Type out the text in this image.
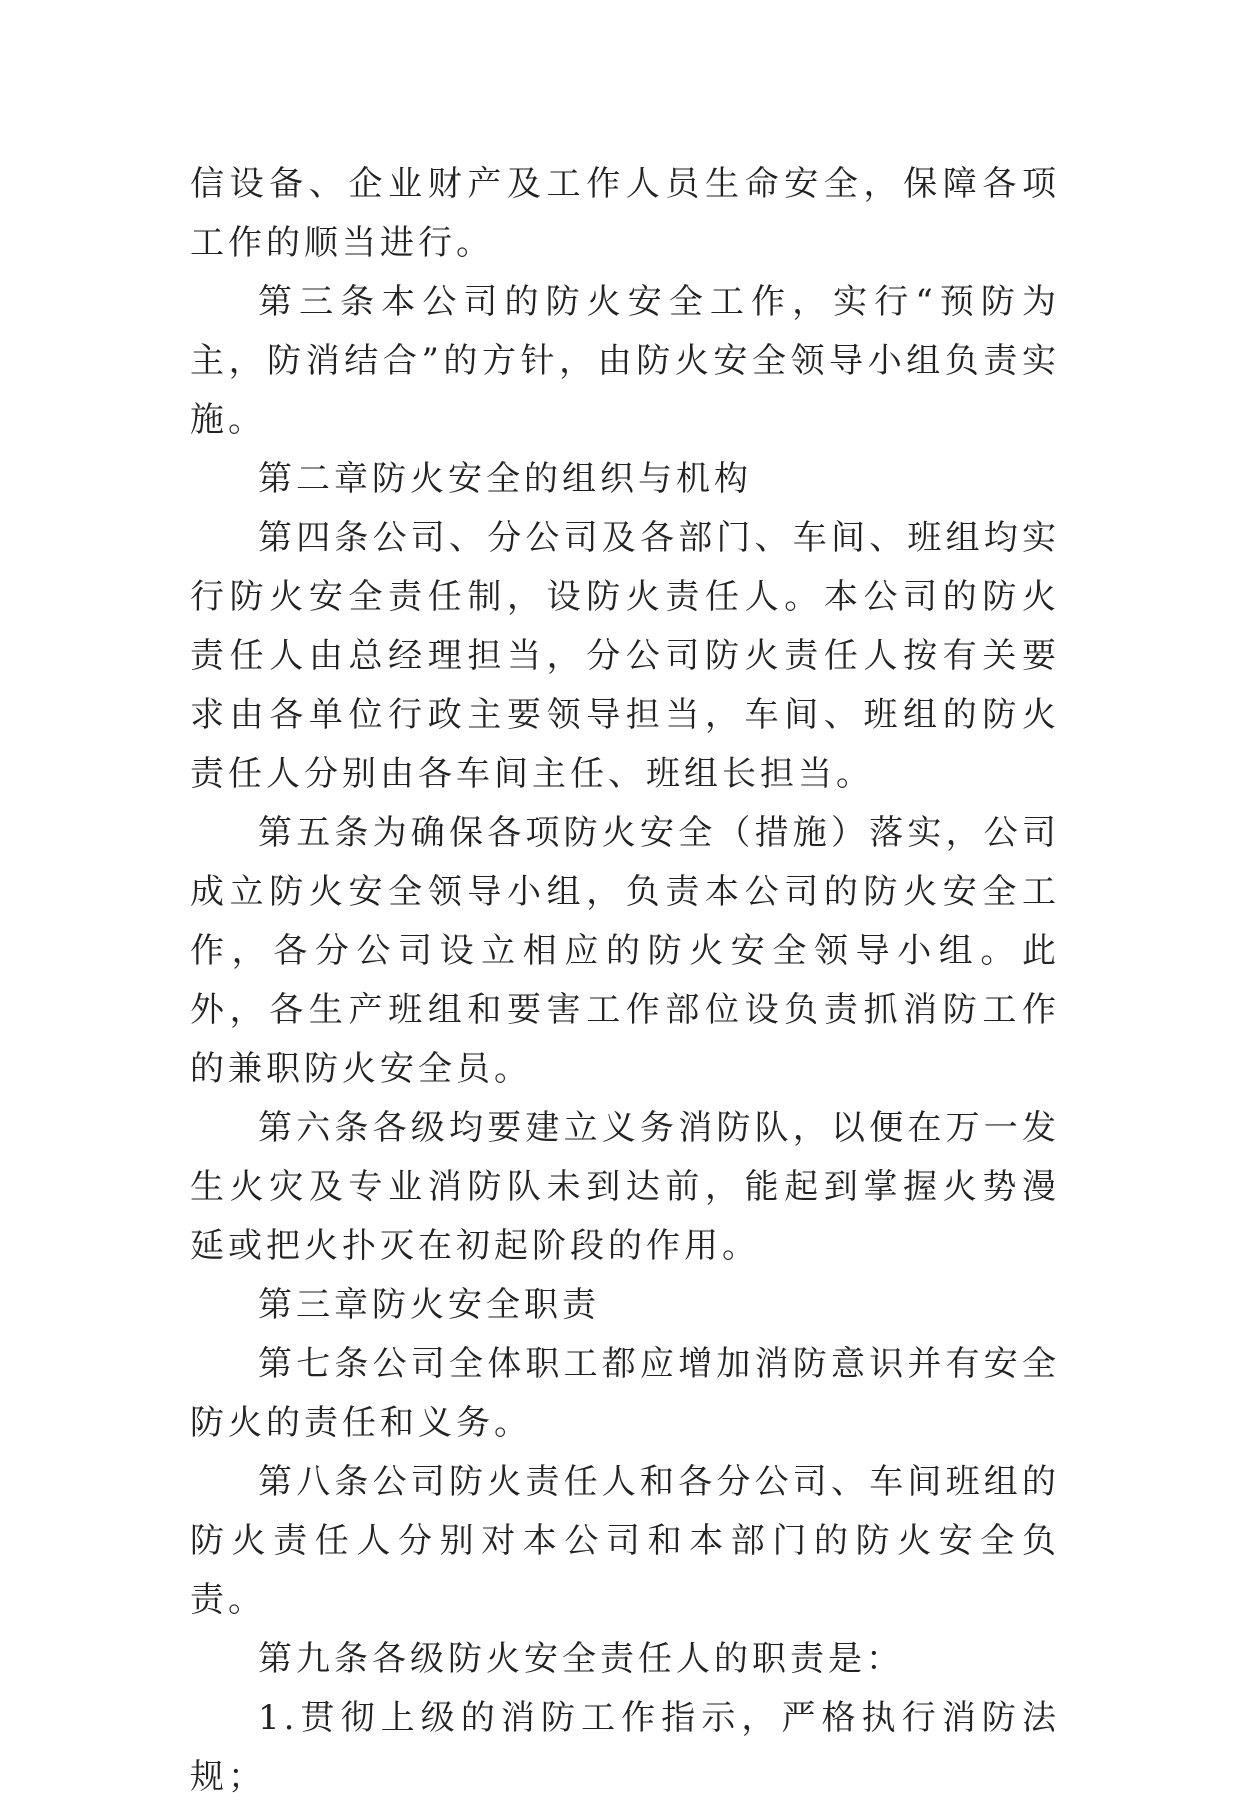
信设备、企业财产及工作人员生命安全，保障各项工作的顺当进行。

第三条本公司的防火安全工作，实行“预防为主，防消结合”的方针，由防火安全领导小组负责实施。

第二章防火安全的组织与机构

第四条公司、分公司及各部门、车间、班组均实行防火安全责任制，设防火责任人。本公司的防火责任人由总经理担当，分公司防火责任人按有关要求由各单位行政主要领导担当，车间、班组的防火责任人分别由各车间主任、班组长担当。

第五条为确保各项防火安全（措施）落实，公司成立防火安全领导小组，负责本公司的防火安全工作，各分公司设立相应的防火安全领导小组。此外，各生产班组和要害工作部位设负责抓消防工作的兼职防火安全员。

第六条各级均要建立义务消防队，以便在万一发生火灾及专业消防队未到达前，能起到掌握火势漫延或把火扑灭在初起阶段的作用。

第三章防火安全职责

第七条公司全体职工都应增加消防意识并有安全防火的责任和义务。

第八条公司防火责任人和各分公司、车间班组的防火责任人分别对本公司和本部门的防火安全负责。

第九条各级防火安全责任人的职责是：

1.贯彻上级的消防工作指示，严格执行消防法规；
